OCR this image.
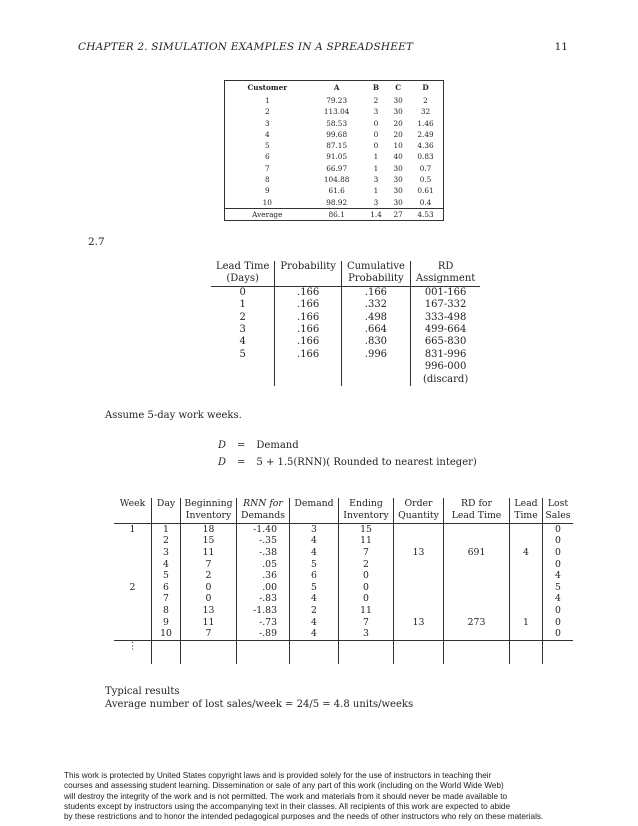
CHAPTER 2. SIMULATION EXAMPLES IN A SPREADSHEET	11
Customer	A	B	C	D
1	79.23	2	30	2
2	113.04	3	30	32
3	58.53	0	20	1.46
4	99.68	0	20	2.49
5	87.15	0	10	4.36
6	91.05	1	40	0.83
7	66.97	1	30	0.7
8	104.88	3	30	0.5
9	61.6	1	30	0.61
10	98.92	3	30	0.4
Average	86.1	1.4	27	4.53
2.7
Lead Time	Probability	Cumulative	RD
(Days)		Probability	Assignment
0	.166	.166	001-166
1	.166	.332	167-332
2	.166	.498	333-498
3	.166	.664	499-664
4	.166	.830	665-830
5	.166	.996	831-996
			996-000
			(discard)
Assume 5-day work weeks.
D = Demand
D = 5 + 1.5(RNN)( Rounded to nearest integer)
Week	Day	Beginning	RNN for	Demand	Ending	Order	RD for	Lead	Lost
		Inventory	Demands		Inventory	Quantity	Lead Time	Time	Sales
1	1	18	-1.40	3	15				0
	2	15	-.35	4	11				0
	3	11	-.38	4	7	13	691	4	0
	4	7	.05	5	2				0
	5	2	.36	6	0				4
2	6	0	.00	5	0				5
	7	0	-.83	4	0				4
	8	13	-1.83	2	11				0
	9	11	-.73	4	7	13	273	1	0
	10	7	-.89	4	3				0
⋮									
Typical results
Average number of lost sales/week = 24/5 = 4.8 units/weeks
This work is protected by United States copyright laws and is provided solely for the use of instructors in teaching their
courses and assessing student learning. Dissemination or sale of any part of this work (including on the World Wide Web)
will destroy the integrity of the work and is not permitted. The work and materials from it should never be made available to
students except by instructors using the accompanying text in their classes. All recipients of this work are expected to abide
by these restrictions and to honor the intended pedagogical purposes and the needs of other instructors who rely on these materials.
